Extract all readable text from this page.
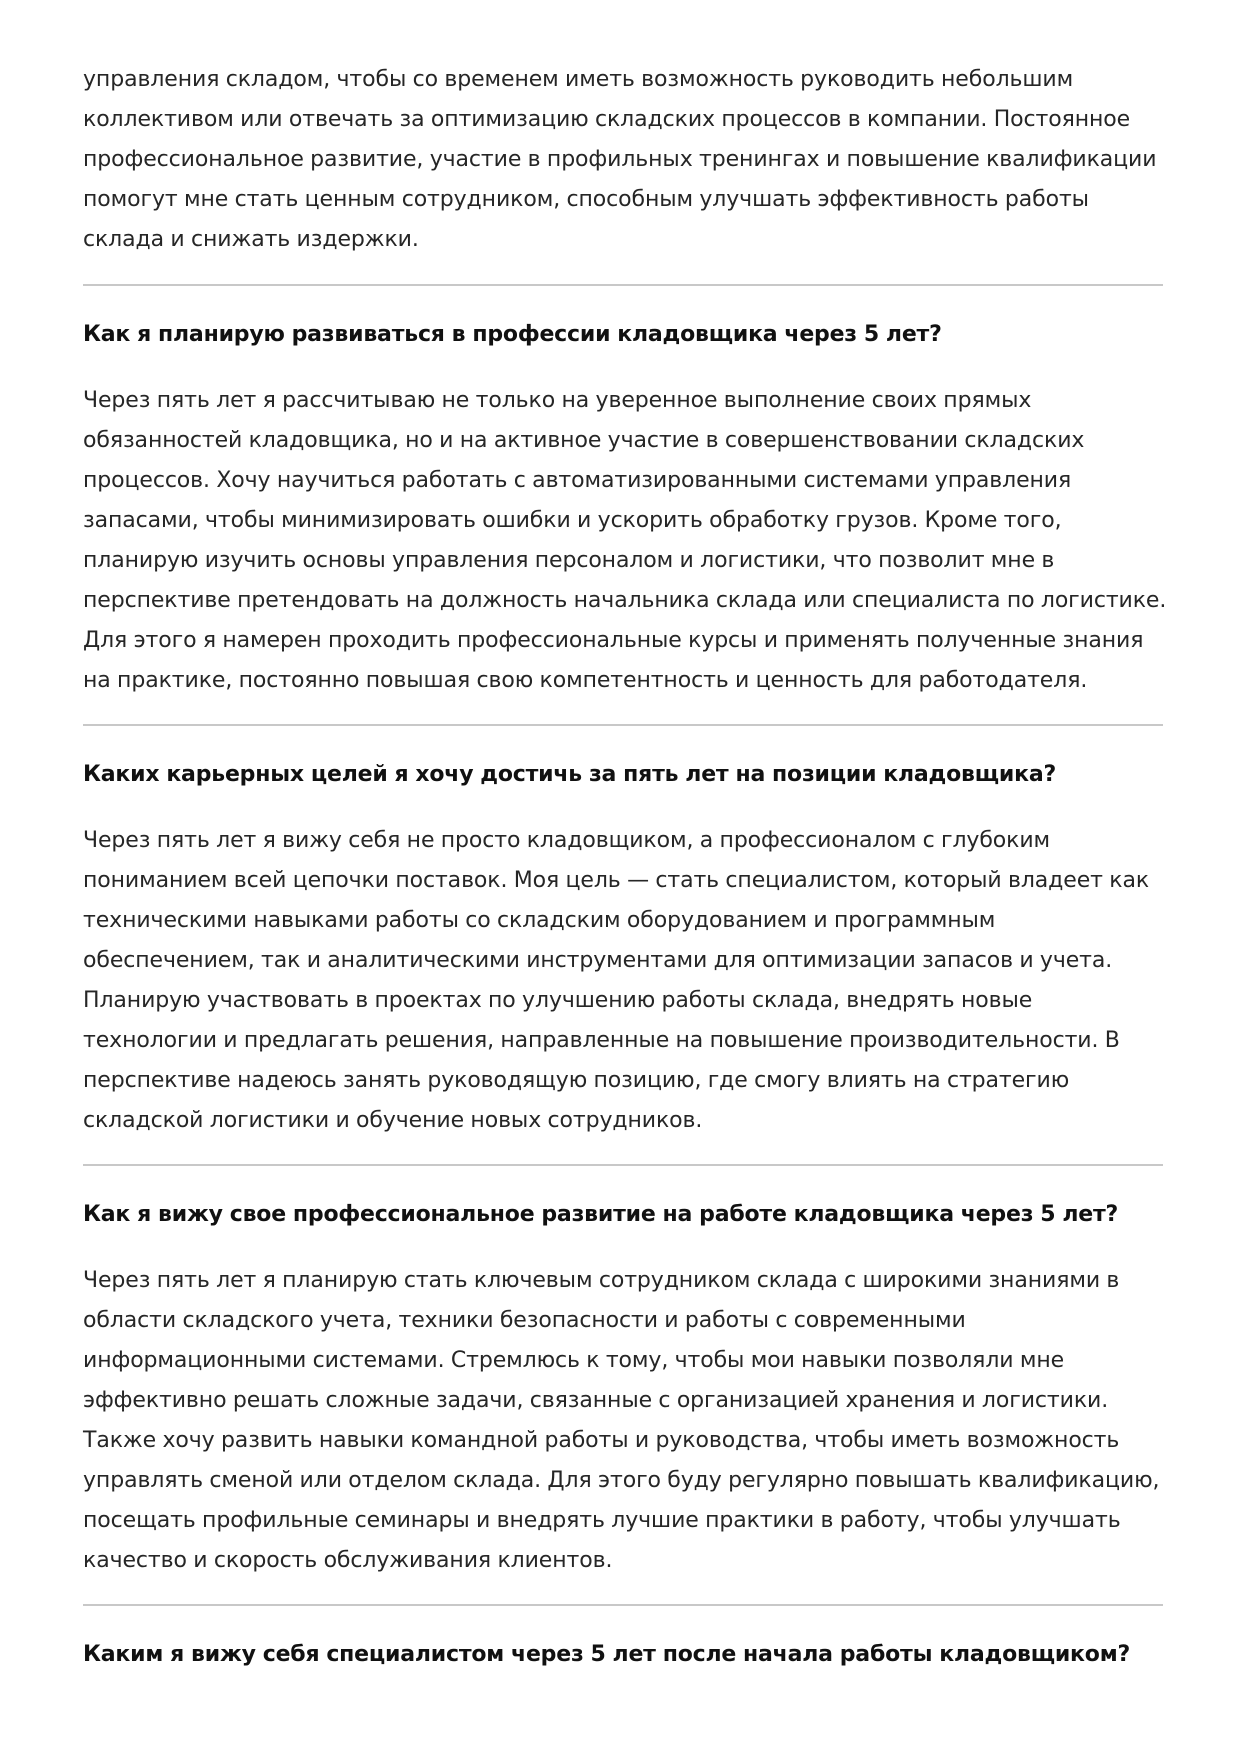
управления складом, чтобы со временем иметь возможность руководить небольшим
коллективом или отвечать за оптимизацию складских процессов в компании. Постоянное
профессиональное развитие, участие в профильных тренингах и повышение квалификации
помогут мне стать ценным сотрудником, способным улучшать эффективность работы
склада и снижать издержки.

Как я планирую развиваться в профессии кладовщика через 5 лет?

Через пять лет я рассчитываю не только на уверенное выполнение своих прямых
обязанностей кладовщика, но и на активное участие в совершенствовании складских
процессов. Хочу научиться работать с автоматизированными системами управления
запасами, чтобы минимизировать ошибки и ускорить обработку грузов. Кроме того,
планирую изучить основы управления персоналом и логистики, что позволит мне в
перспективе претендовать на должность начальника склада или специалиста по логистике.
Для этого я намерен проходить профессиональные курсы и применять полученные знания
на практике, постоянно повышая свою компетентность и ценность для работодателя.

Каких карьерных целей я хочу достичь за пять лет на позиции кладовщика?

Через пять лет я вижу себя не просто кладовщиком, а профессионалом с глубоким
пониманием всей цепочки поставок. Моя цель — стать специалистом, который владеет как
техническими навыками работы со складским оборудованием и программным
обеспечением, так и аналитическими инструментами для оптимизации запасов и учета.
Планирую участвовать в проектах по улучшению работы склада, внедрять новые
технологии и предлагать решения, направленные на повышение производительности. В
перспективе надеюсь занять руководящую позицию, где смогу влиять на стратегию
складской логистики и обучение новых сотрудников.

Как я вижу свое профессиональное развитие на работе кладовщика через 5 лет?

Через пять лет я планирую стать ключевым сотрудником склада с широкими знаниями в
области складского учета, техники безопасности и работы с современными
информационными системами. Стремлюсь к тому, чтобы мои навыки позволяли мне
эффективно решать сложные задачи, связанные с организацией хранения и логистики.
Также хочу развить навыки командной работы и руководства, чтобы иметь возможность
управлять сменой или отделом склада. Для этого буду регулярно повышать квалификацию,
посещать профильные семинары и внедрять лучшие практики в работу, чтобы улучшать
качество и скорость обслуживания клиентов.

Каким я вижу себя специалистом через 5 лет после начала работы кладовщиком?
